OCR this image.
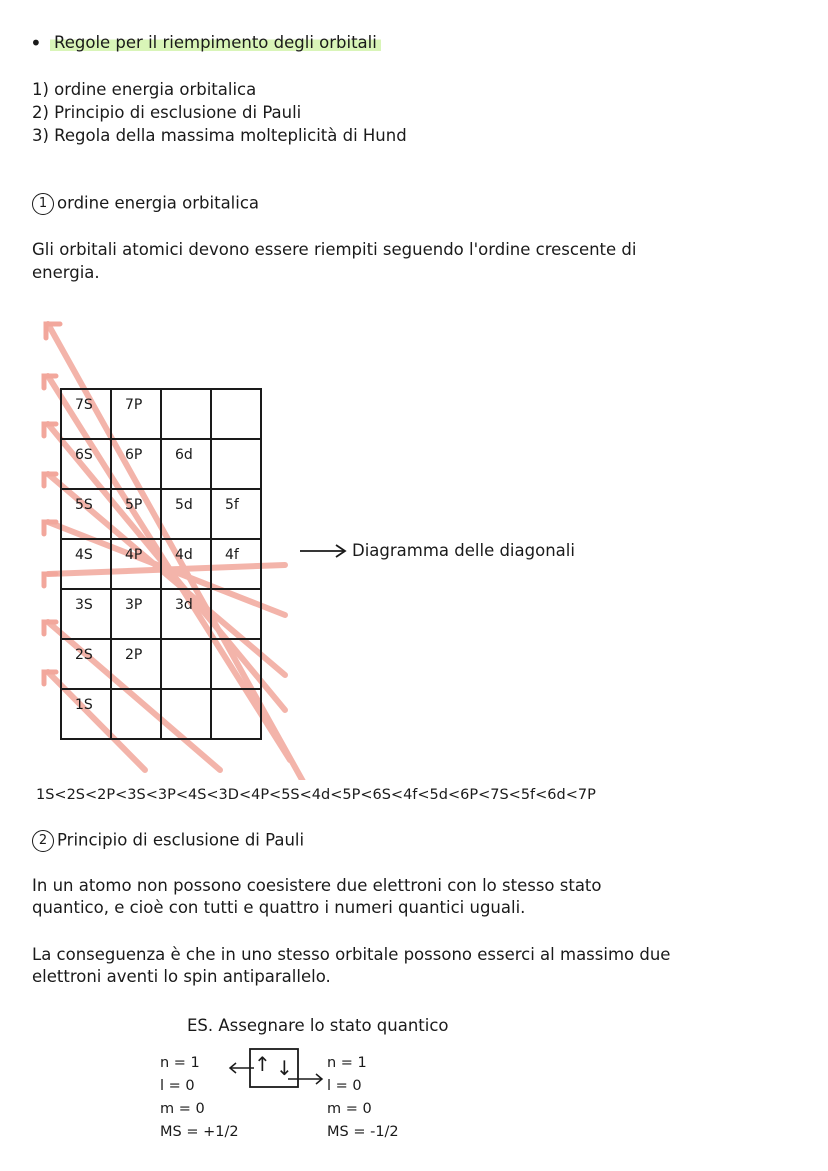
• Regole per il riempimento degli orbitali
1) ordine energia orbitalica
2) Principio di esclusione di Pauli
3) Regola della massima molteplicità di Hund
1 ordine energia orbitalica
Gli orbitali atomici devono essere riempiti seguendo l'ordine crescente di
energia.
7S 7P
6S 6P 6d
5S 5P 5d 5f
4S 4P 4d 4f
3S 3P 3d
2S 2P
1S
Diagramma delle diagonali
1S<2S<2P<3S<3P<4S<3D<4P<5S<4d<5P<6S<4f<5d<6P<7S<5f<6d<7P
2 Principio di esclusione di Pauli
In un atomo non possono coesistere due elettroni con lo stesso stato
quantico, e cioè con tutti e quattro i numeri quantici uguali.
La conseguenza è che in uno stesso orbitale possono esserci al massimo due
elettroni aventi lo spin antiparallelo.
ES. Assegnare lo stato quantico
n = 1
l = 0
m = 0
MS = +1/2
n = 1
l = 0
m = 0
MS = -1/2
↑ ↓
